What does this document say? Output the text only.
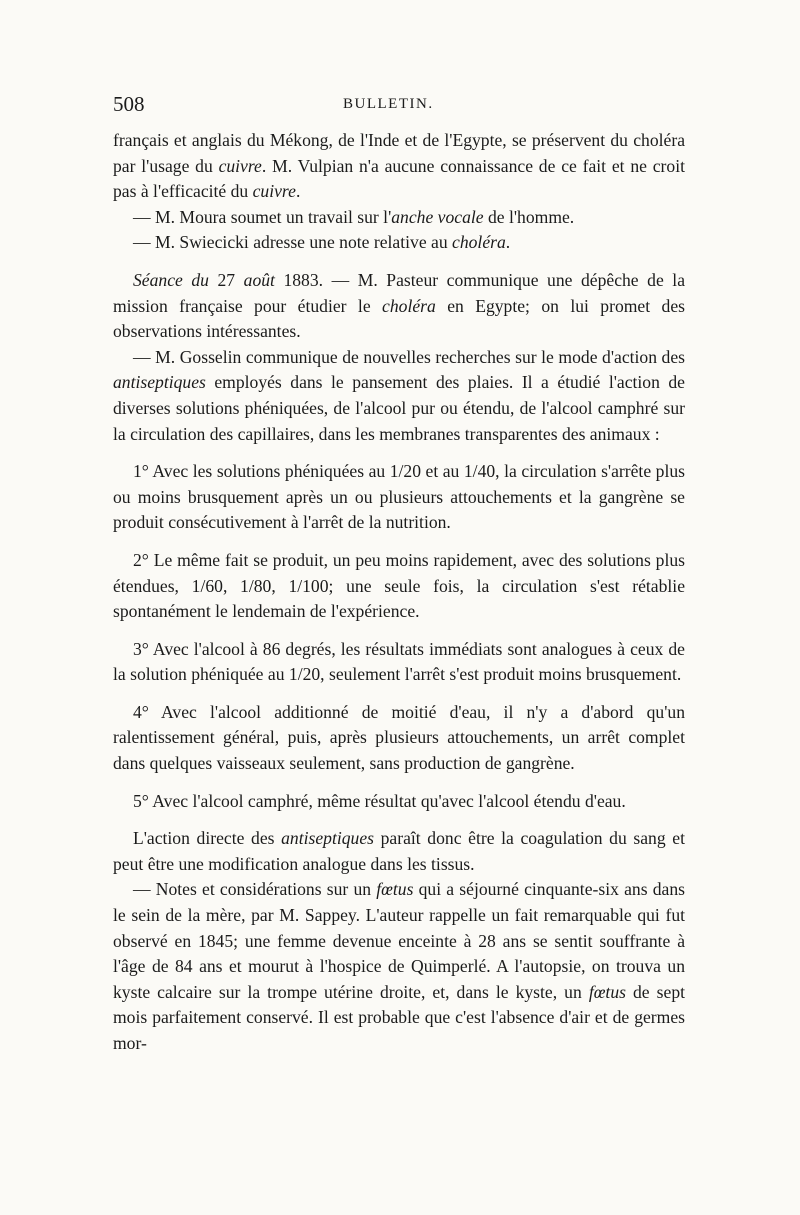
508	BULLETIN.
français et anglais du Mékong, de l'Inde et de l'Egypte, se préservent du choléra par l'usage du cuivre. M. Vulpian n'a aucune connaissance de ce fait et ne croit pas à l'efficacité du cuivre.
— M. Moura soumet un travail sur l'anche vocale de l'homme.
— M. Swiecicki adresse une note relative au choléra.
Séance du 27 août 1883. — M. Pasteur communique une dépêche de la mission française pour étudier le choléra en Egypte; on lui promet des observations intéressantes.
— M. Gosselin communique de nouvelles recherches sur le mode d'action des antiseptiques employés dans le pansement des plaies. Il a étudié l'action de diverses solutions phéniquées, de l'alcool pur ou étendu, de l'alcool camphré sur la circulation des capillaires, dans les membranes transparentes des animaux :
1° Avec les solutions phéniquées au 1/20 et au 1/40, la circulation s'arrête plus ou moins brusquement après un ou plusieurs attouchements et la gangrène se produit consécutivement à l'arrêt de la nutrition.
2° Le même fait se produit, un peu moins rapidement, avec des solutions plus étendues, 1/60, 1/80, 1/100; une seule fois, la circulation s'est rétablie spontanément le lendemain de l'expérience.
3° Avec l'alcool à 86 degrés, les résultats immédiats sont analogues à ceux de la solution phéniquée au 1/20, seulement l'arrêt s'est produit moins brusquement.
4° Avec l'alcool additionné de moitié d'eau, il n'y a d'abord qu'un ralentissement général, puis, après plusieurs attouchements, un arrêt complet dans quelques vaisseaux seulement, sans production de gangrène.
5° Avec l'alcool camphré, même résultat qu'avec l'alcool étendu d'eau.
L'action directe des antiseptiques paraît donc être la coagulation du sang et peut être une modification analogue dans les tissus.
— Notes et considérations sur un fœtus qui a séjourné cinquante-six ans dans le sein de la mère, par M. Sappey. L'auteur rappelle un fait remarquable qui fut observé en 1845; une femme devenue enceinte à 28 ans se sentit souffrante à l'âge de 84 ans et mourut à l'hospice de Quimperlé. A l'autopsie, on trouva un kyste calcaire sur la trompe utérine droite, et, dans le kyste, un fœtus de sept mois parfaitement conservé. Il est probable que c'est l'absence d'air et de germes mor-
